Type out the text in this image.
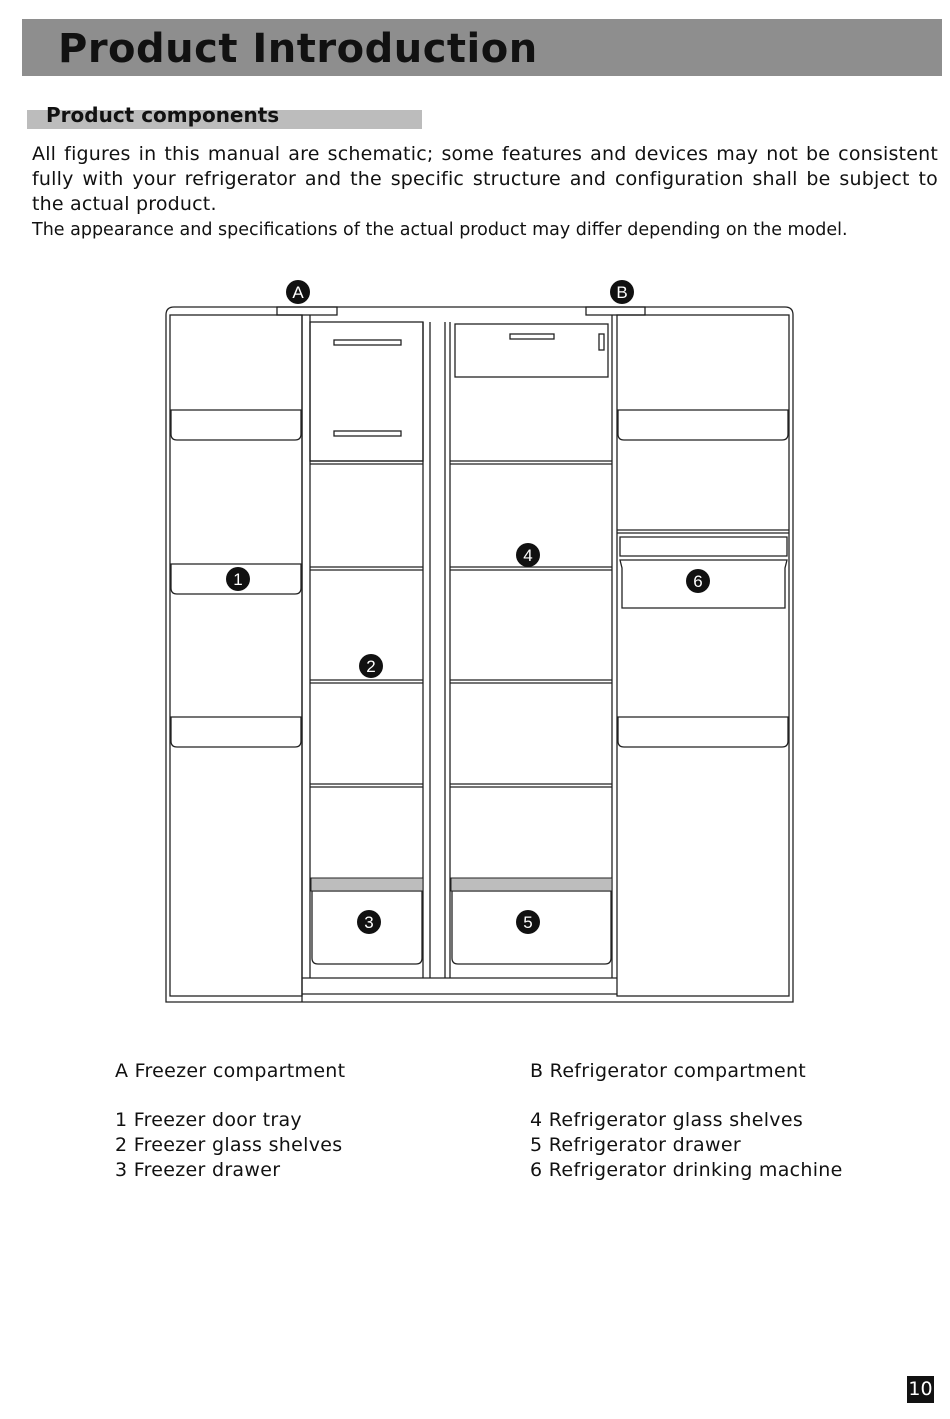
Product Introduction
Product components
All figures in this manual are schematic; some features and devices may not be consistent fully with your refrigerator and the specific structure and configuration shall be subject to the actual product.
The appearance and specifications of the actual product may differ depending on the model.
A	B
1
2
3
4
5
6
A Freezer compartment	B Refrigerator compartment
1 Freezer door tray
2 Freezer glass shelves
3 Freezer drawer
4 Refrigerator glass shelves
5 Refrigerator drawer
6 Refrigerator drinking machine
10
